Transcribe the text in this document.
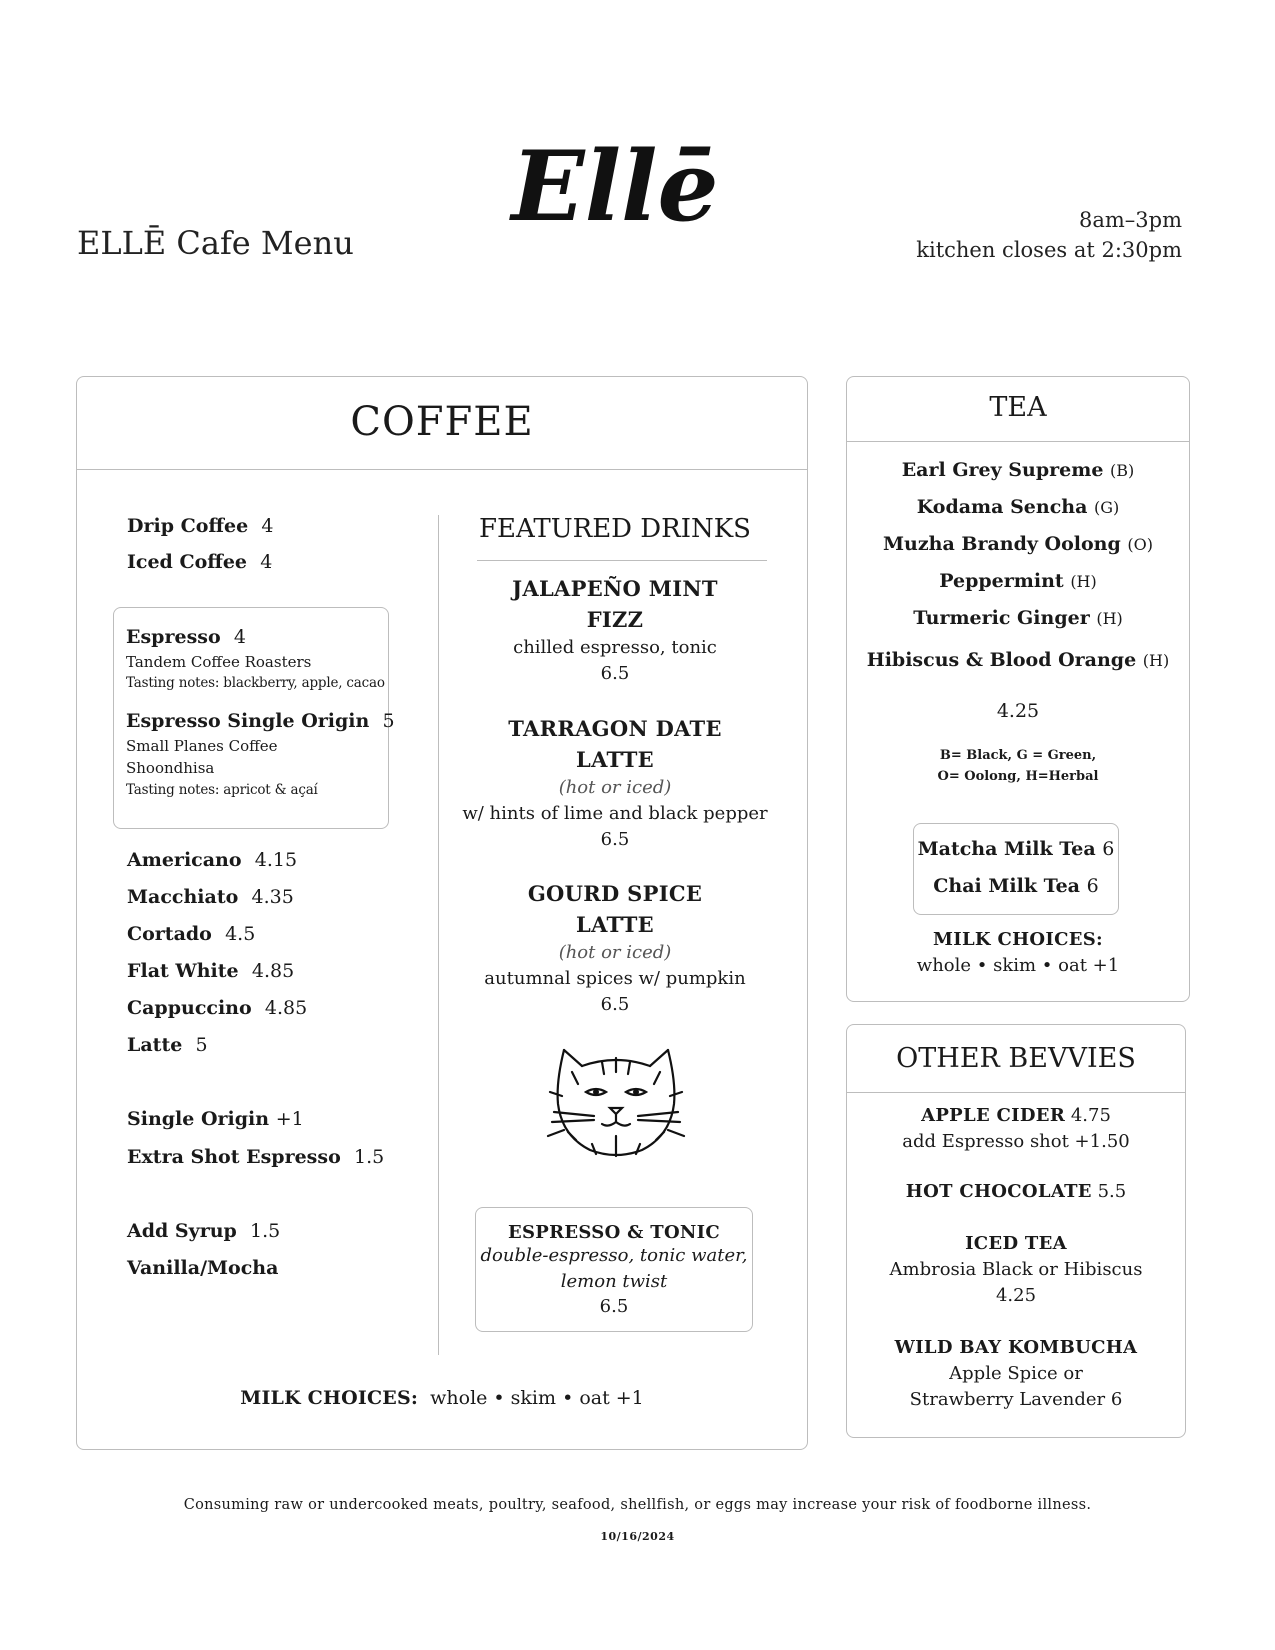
ELLĒ Cafe Menu Ellē	8am–3pm
kitchen closes at 2:30pm
COFFEE
Drip Coffee 4
Iced Coffee 4
Espresso 4
Tandem Coffee Roasters
Tasting notes: blackberry, apple, cacao
Espresso Single Origin 5
Small Planes Coffee
Shoondhisa
Tasting notes: apricot & açaí
Americano 4.15
Macchiato 4.35
Cortado 4.5
Flat White 4.85
Cappuccino 4.85
Latte 5
Single Origin +1
Extra Shot Espresso 1.5
Add Syrup 1.5
Vanilla/Mocha
MILK CHOICES: whole • skim • oat +1
FEATURED DRINKS
JALAPEÑO MINT
FIZZ
chilled espresso, tonic
6.5
TARRAGON DATE
LATTE
(hot or iced)
w/ hints of lime and black pepper
6.5
GOURD SPICE
LATTE
(hot or iced)
autumnal spices w/ pumpkin
6.5
ESPRESSO & TONIC
double-espresso, tonic water,
lemon twist
6.5
TEA
Earl Grey Supreme (B)
Kodama Sencha (G)
Muzha Brandy Oolong (O)
Peppermint (H)
Turmeric Ginger (H)
Hibiscus & Blood Orange (H)
4.25
B= Black, G = Green,
O= Oolong, H=Herbal
Matcha Milk Tea 6
Chai Milk Tea 6
MILK CHOICES:
whole • skim • oat +1
OTHER BEVVIES
APPLE CIDER 4.75
add Espresso shot +1.50
HOT CHOCOLATE 5.5
ICED TEA
Ambrosia Black or Hibiscus
4.25
WILD BAY KOMBUCHA
Apple Spice or
Strawberry Lavender 6
Consuming raw or undercooked meats, poultry, seafood, shellfish, or eggs may increase your risk of foodborne illness.
10/16/2024
